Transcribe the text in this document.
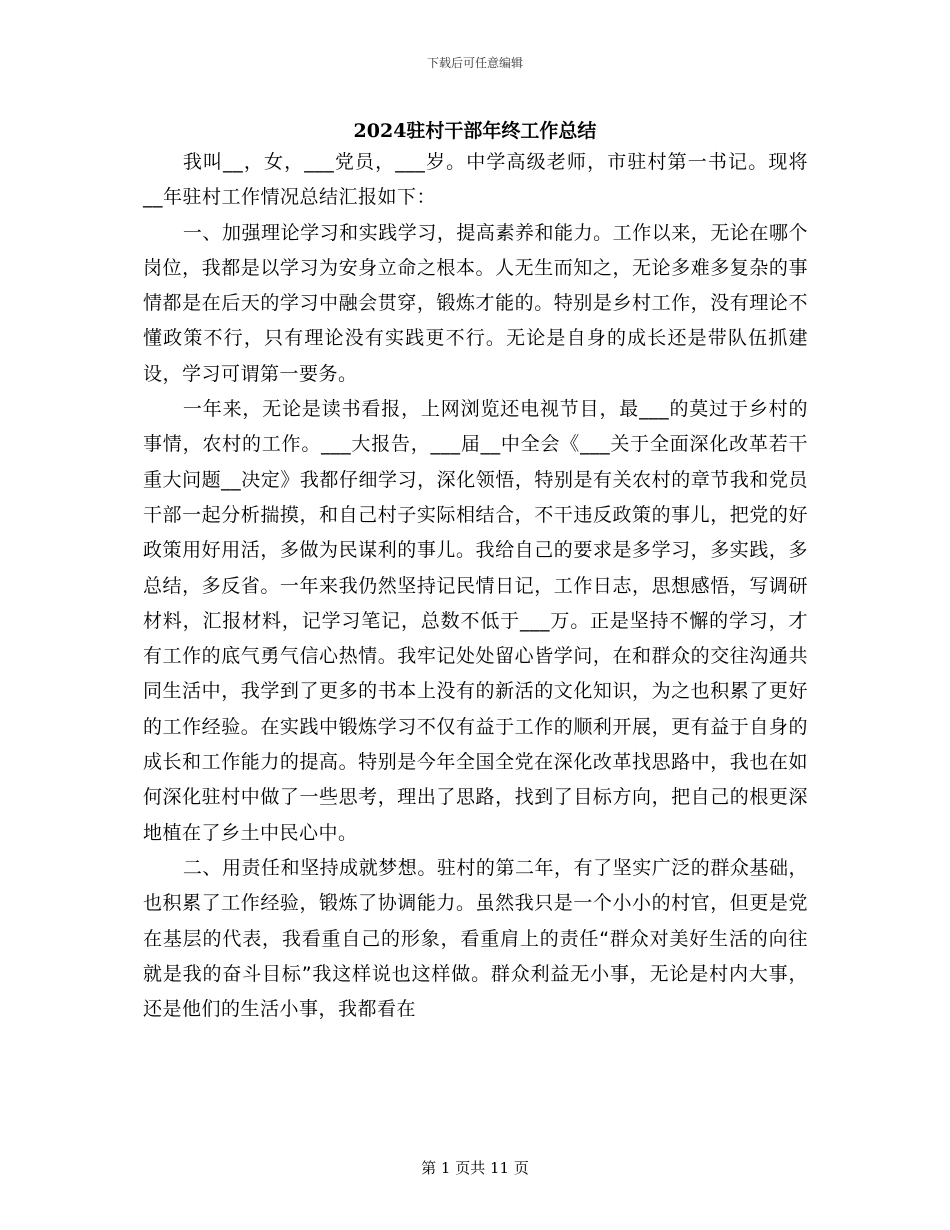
下载后可任意编辑
2024驻村干部年终工作总结

我叫__，女，___党员，___岁。中学高级老师，市驻村第一书记。现将__年驻村工作情况总结汇报如下：

一、加强理论学习和实践学习，提高素养和能力。工作以来，无论在哪个岗位，我都是以学习为安身立命之根本。人无生而知之，无论多难多复杂的事情都是在后天的学习中融会贯穿，锻炼才能的。特别是乡村工作，没有理论不懂政策不行，只有理论没有实践更不行。无论是自身的成长还是带队伍抓建设，学习可谓第一要务。

一年来，无论是读书看报，上网浏览还电视节目，最___的莫过于乡村的事情，农村的工作。___大报告，___届__中全会《___关于全面深化改革若干重大问题__决定》我都仔细学习，深化领悟，特别是有关农村的章节我和党员干部一起分析揣摸，和自己村子实际相结合，不干违反政策的事儿，把党的好政策用好用活，多做为民谋利的事儿。我给自己的要求是多学习，多实践，多总结，多反省。一年来我仍然坚持记民情日记，工作日志，思想感悟，写调研材料，汇报材料，记学习笔记，总数不低于___万。正是坚持不懈的学习，才有工作的底气勇气信心热情。我牢记处处留心皆学问，在和群众的交往沟通共同生活中，我学到了更多的书本上没有的新活的文化知识，为之也积累了更好的工作经验。在实践中锻炼学习不仅有益于工作的顺利开展，更有益于自身的成长和工作能力的提高。特别是今年全国全党在深化改革找思路中，我也在如何深化驻村中做了一些思考，理出了思路，找到了目标方向，把自己的根更深地植在了乡土中民心中。

二、用责任和坚持成就梦想。驻村的第二年，有了坚实广泛的群众基础，也积累了工作经验，锻炼了协调能力。虽然我只是一个小小的村官，但更是党在基层的代表，我看重自己的形象，看重肩上的责任“群众对美好生活的向往就是我的奋斗目标”我这样说也这样做。群众利益无小事，无论是村内大事，还是他们的生活小事，我都看在

第 1 页共 11 页
